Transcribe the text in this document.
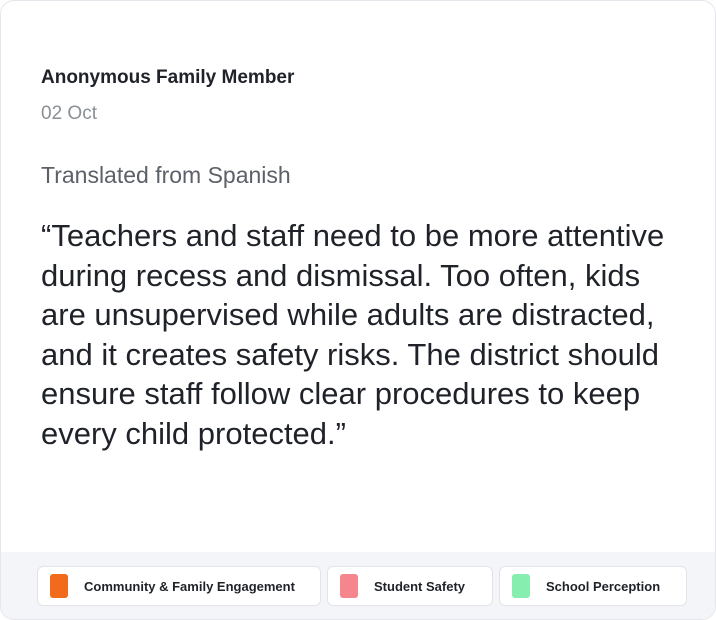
Anonymous Family Member
02 Oct
Translated from Spanish

“Teachers and staff need to be more attentive during recess and dismissal. Too often, kids are unsupervised while adults are distracted, and it creates safety risks. The district should ensure staff follow clear procedures to keep every child protected.”

Community & Family Engagement	Student Safety	School Perception
